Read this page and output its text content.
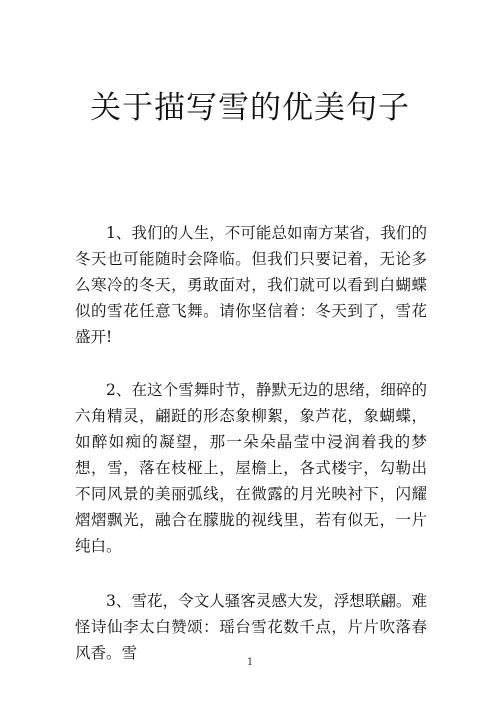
关于描写雪的优美句子

1、我们的人生，不可能总如南方某省，我们的冬天也可能随时会降临。但我们只要记着，无论多么寒冷的冬天，勇敢面对，我们就可以看到白蝴蝶似的雪花任意飞舞。请你坚信着：冬天到了，雪花盛开!

2、在这个雪舞时节，静默无边的思绪，细碎的六角精灵，翩跹的形态象柳絮，象芦花，象蝴蝶，如醉如痴的凝望，那一朵朵晶莹中浸润着我的梦想，雪，落在枝桠上，屋檐上，各式楼宇，勾勒出不同风景的美丽弧线，在微露的月光映衬下，闪耀熠熠飘光，融合在朦胧的视线里，若有似无，一片纯白。

3、雪花，令文人骚客灵感大发，浮想联翩。难怪诗仙李太白赞颂：瑶台雪花数千点，片片吹落春风香。雪

1
